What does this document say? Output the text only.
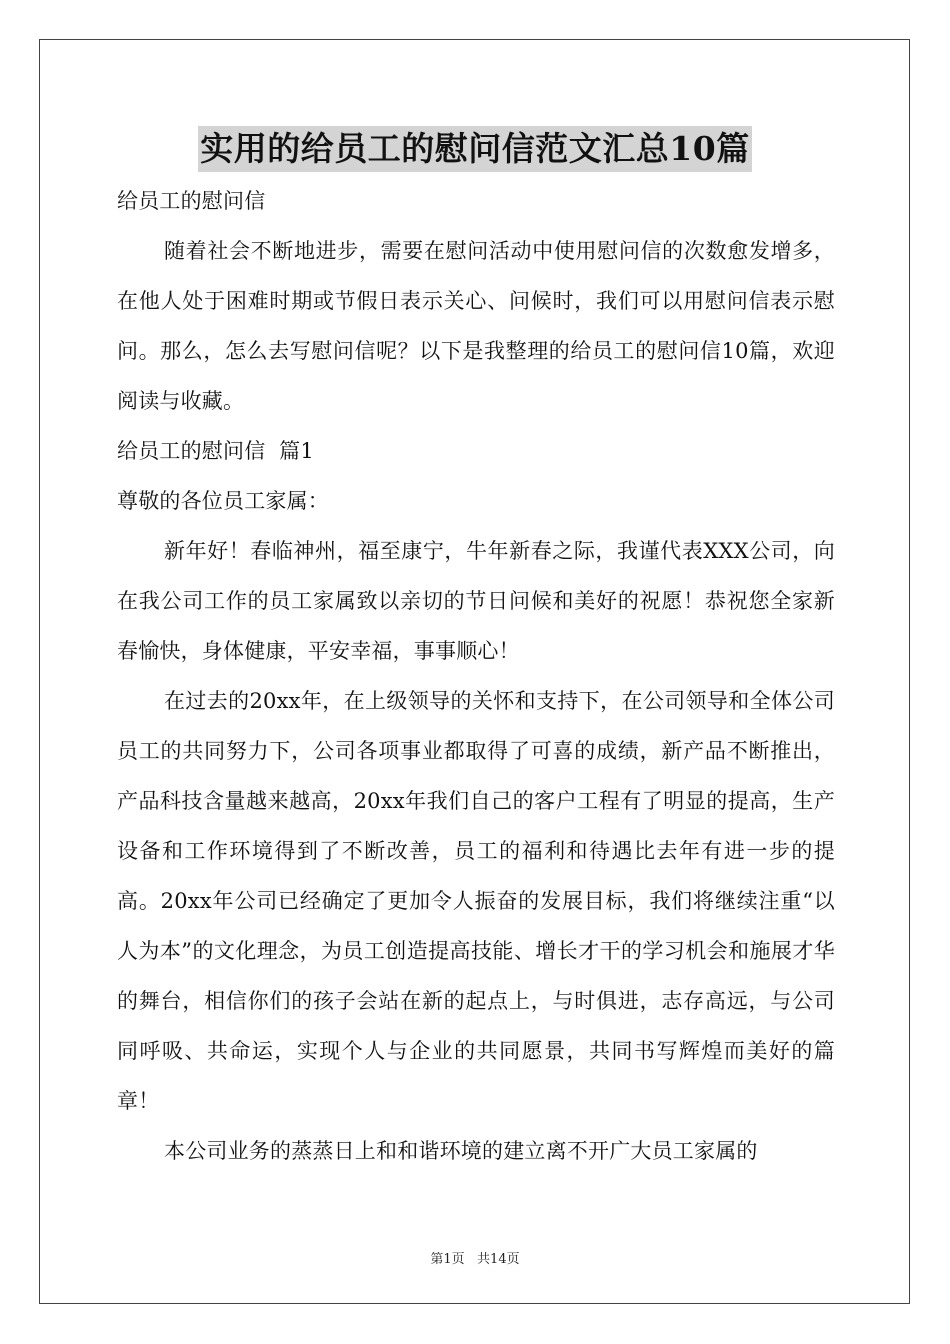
实用的给员工的慰问信范文汇总10篇
给员工的慰问信

随着社会不断地进步，需要在慰问活动中使用慰问信的次数愈发增多，在他人处于困难时期或节假日表示关心、问候时，我们可以用慰问信表示慰问。那么，怎么去写慰问信呢？以下是我整理的给员工的慰问信10篇，欢迎阅读与收藏。

给员工的慰问信  篇1
尊敬的各位员工家属：

新年好！春临神州，福至康宁，牛年新春之际，我谨代表XXX公司，向在我公司工作的员工家属致以亲切的节日问候和美好的祝愿！恭祝您全家新春愉快，身体健康，平安幸福，事事顺心！

在过去的20xx年，在上级领导的关怀和支持下，在公司领导和全体公司员工的共同努力下，公司各项事业都取得了可喜的成绩，新产品不断推出，产品科技含量越来越高，20xx年我们自己的客户工程有了明显的提高，生产设备和工作环境得到了不断改善，员工的福利和待遇比去年有进一步的提高。20xx年公司已经确定了更加令人振奋的发展目标，我们将继续注重“以人为本”的文化理念，为员工创造提高技能、增长才干的学习机会和施展才华的舞台，相信你们的孩子会站在新的起点上，与时俱进，志存高远，与公司同呼吸、共命运，实现个人与企业的共同愿景，共同书写辉煌而美好的篇章！

本公司业务的蒸蒸日上和和谐环境的建立离不开广大员工家属的

第1页   共14页
